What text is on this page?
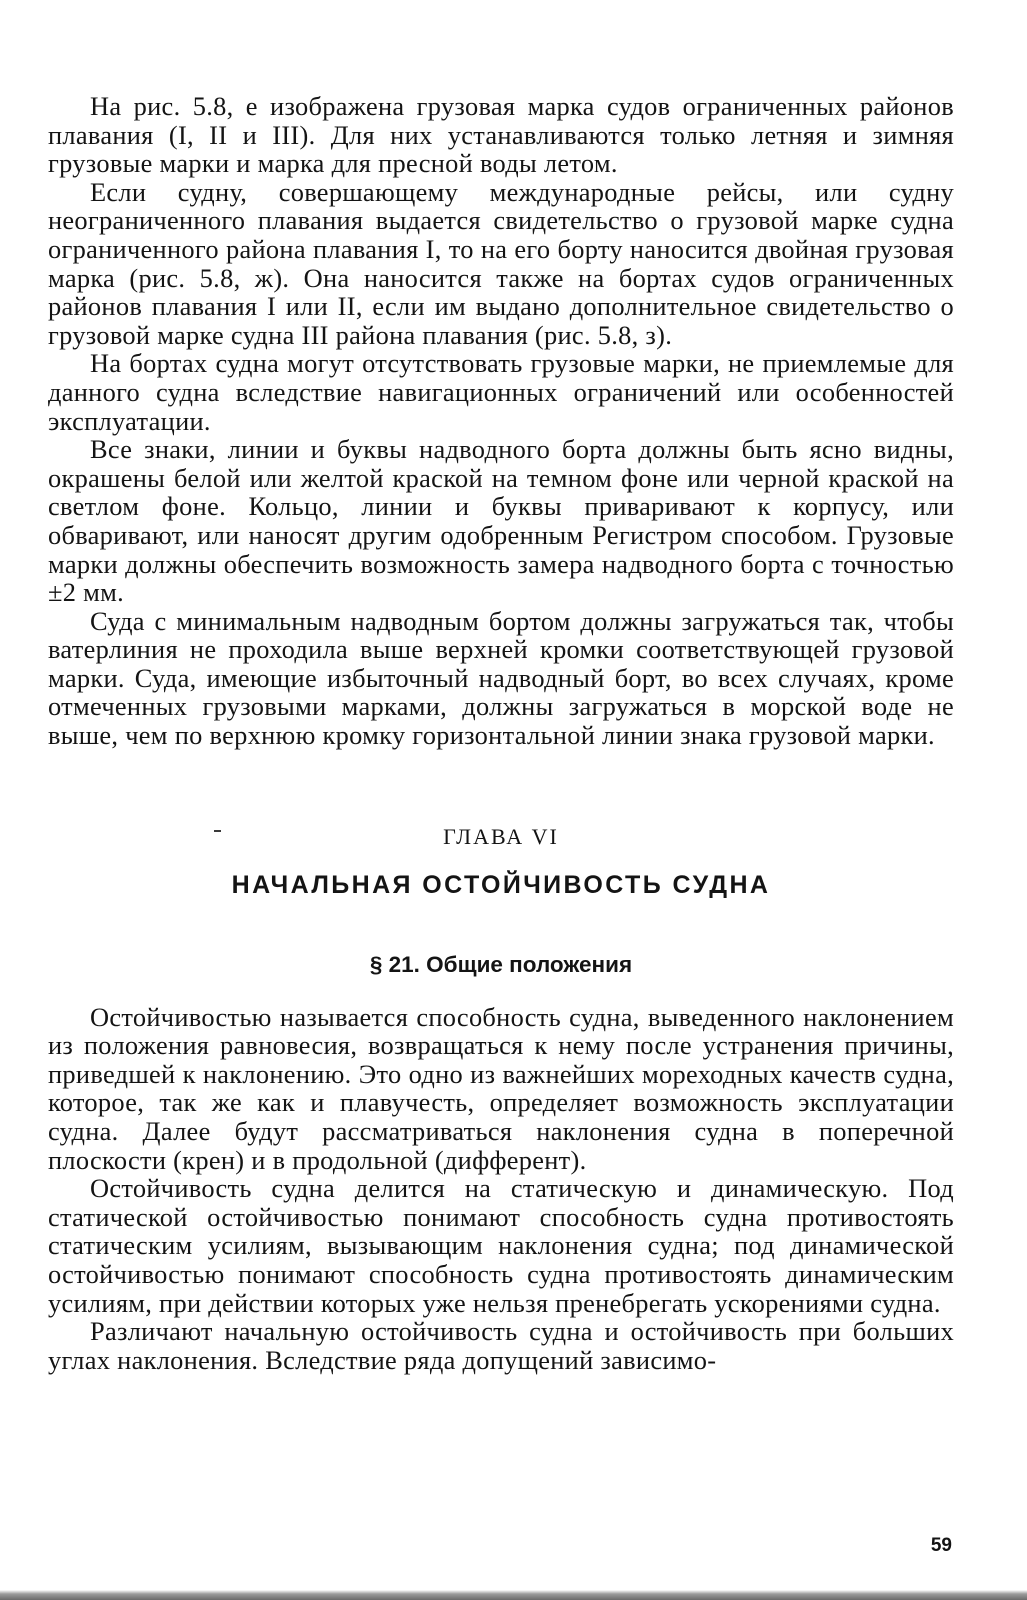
На рис. 5.8, е изображена грузовая марка судов ограниченных районов плавания (I, II и III). Для них устанавливаются только летняя и зимняя грузовые марки и марка для пресной воды летом.

Если судну, совершающему международные рейсы, или судну неограниченного плавания выдается свидетельство о грузовой марке судна ограниченного района плавания I, то на его борту наносится двойная грузовая марка (рис. 5.8, ж). Она наносится также на бортах судов ограниченных районов плавания I или II, если им выдано дополнительное свидетельство о грузовой марке судна III района плавания (рис. 5.8, з).

На бортах судна могут отсутствовать грузовые марки, не приемлемые для данного судна вследствие навигационных ограничений или особенностей эксплуатации.

Все знаки, линии и буквы надводного борта должны быть ясно видны, окрашены белой или желтой краской на темном фоне или черной краской на светлом фоне. Кольцо, линии и буквы приваривают к корпусу, или обваривают, или наносят другим одобренным Регистром способом. Грузовые марки должны обеспечить возможность замера надводного борта с точностью ±2 мм.

Суда с минимальным надводным бортом должны загружаться так, чтобы ватерлиния не проходила выше верхней кромки соответствующей грузовой марки. Суда, имеющие избыточный надводный борт, во всех случаях, кроме отмеченных грузовыми марками, должны загружаться в морской воде не выше, чем по верхнюю кромку горизонтальной линии знака грузовой марки.

ГЛАВА VI

НАЧАЛЬНАЯ ОСТОЙЧИВОСТЬ СУДНА
§ 21. Общие положения

Остойчивостью называется способность судна, выведенного наклонением из положения равновесия, возвращаться к нему после устранения причины, приведшей к наклонению. Это одно из важнейших мореходных качеств судна, которое, так же как и плавучесть, определяет возможность эксплуатации судна. Далее будут рассматриваться наклонения судна в поперечной плоскости (крен) и в продольной (дифферент).

Остойчивость судна делится на статическую и динамическую. Под статической остойчивостью понимают способность судна противостоять статическим усилиям, вызывающим наклонения судна; под динамической остойчивостью понимают способность судна противостоять динамическим усилиям, при действии которых уже нельзя пренебрегать ускорениями судна.

Различают начальную остойчивость судна и остойчивость при больших углах наклонения. Вследствие ряда допущений зависимо-

59
